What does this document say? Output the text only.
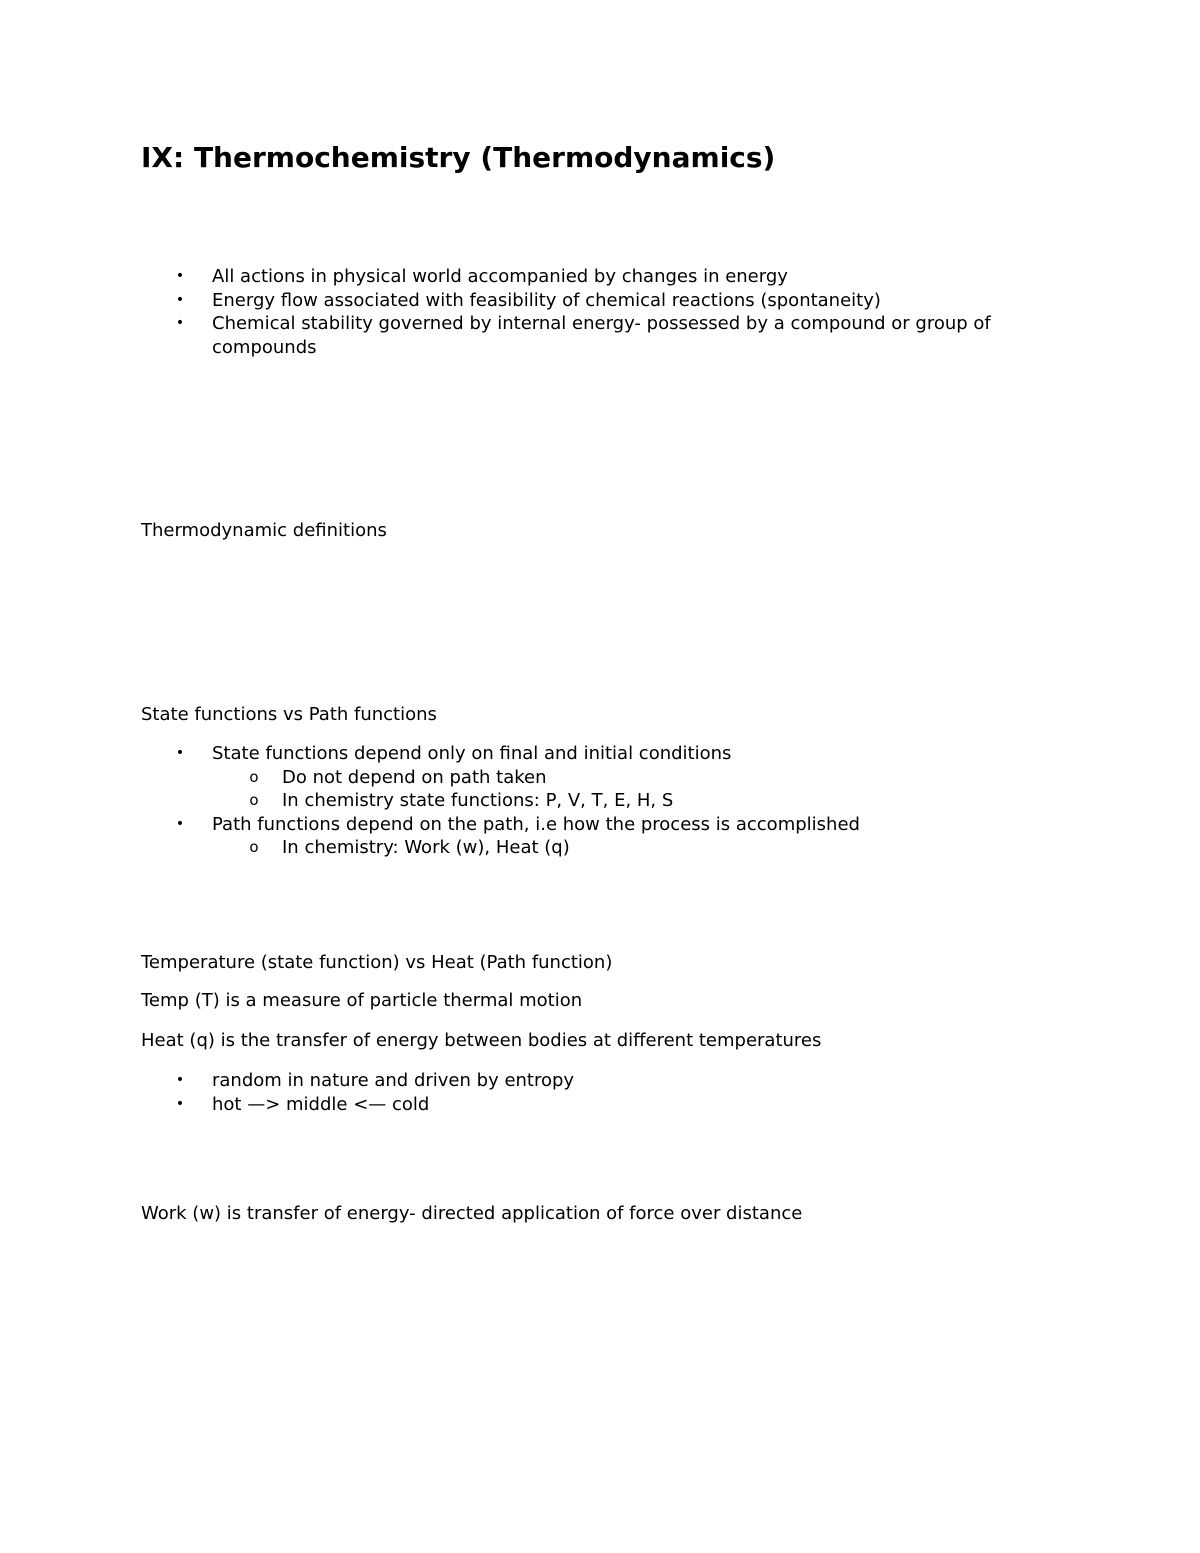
IX: Thermochemistry (Thermodynamics)
• All actions in physical world accompanied by changes in energy
• Energy flow associated with feasibility of chemical reactions (spontaneity)
• Chemical stability governed by internal energy- possessed by a compound or group of compounds
Thermodynamic definitions
State functions vs Path functions
• State functions depend only on final and initial conditions
o Do not depend on path taken
o In chemistry state functions: P, V, T, E, H, S
• Path functions depend on the path, i.e how the process is accomplished
o In chemistry: Work (w), Heat (q)
Temperature (state function) vs Heat (Path function)
Temp (T) is a measure of particle thermal motion
Heat (q) is the transfer of energy between bodies at different temperatures
• random in nature and driven by entropy
• hot —> middle <— cold
Work (w) is transfer of energy- directed application of force over distance
